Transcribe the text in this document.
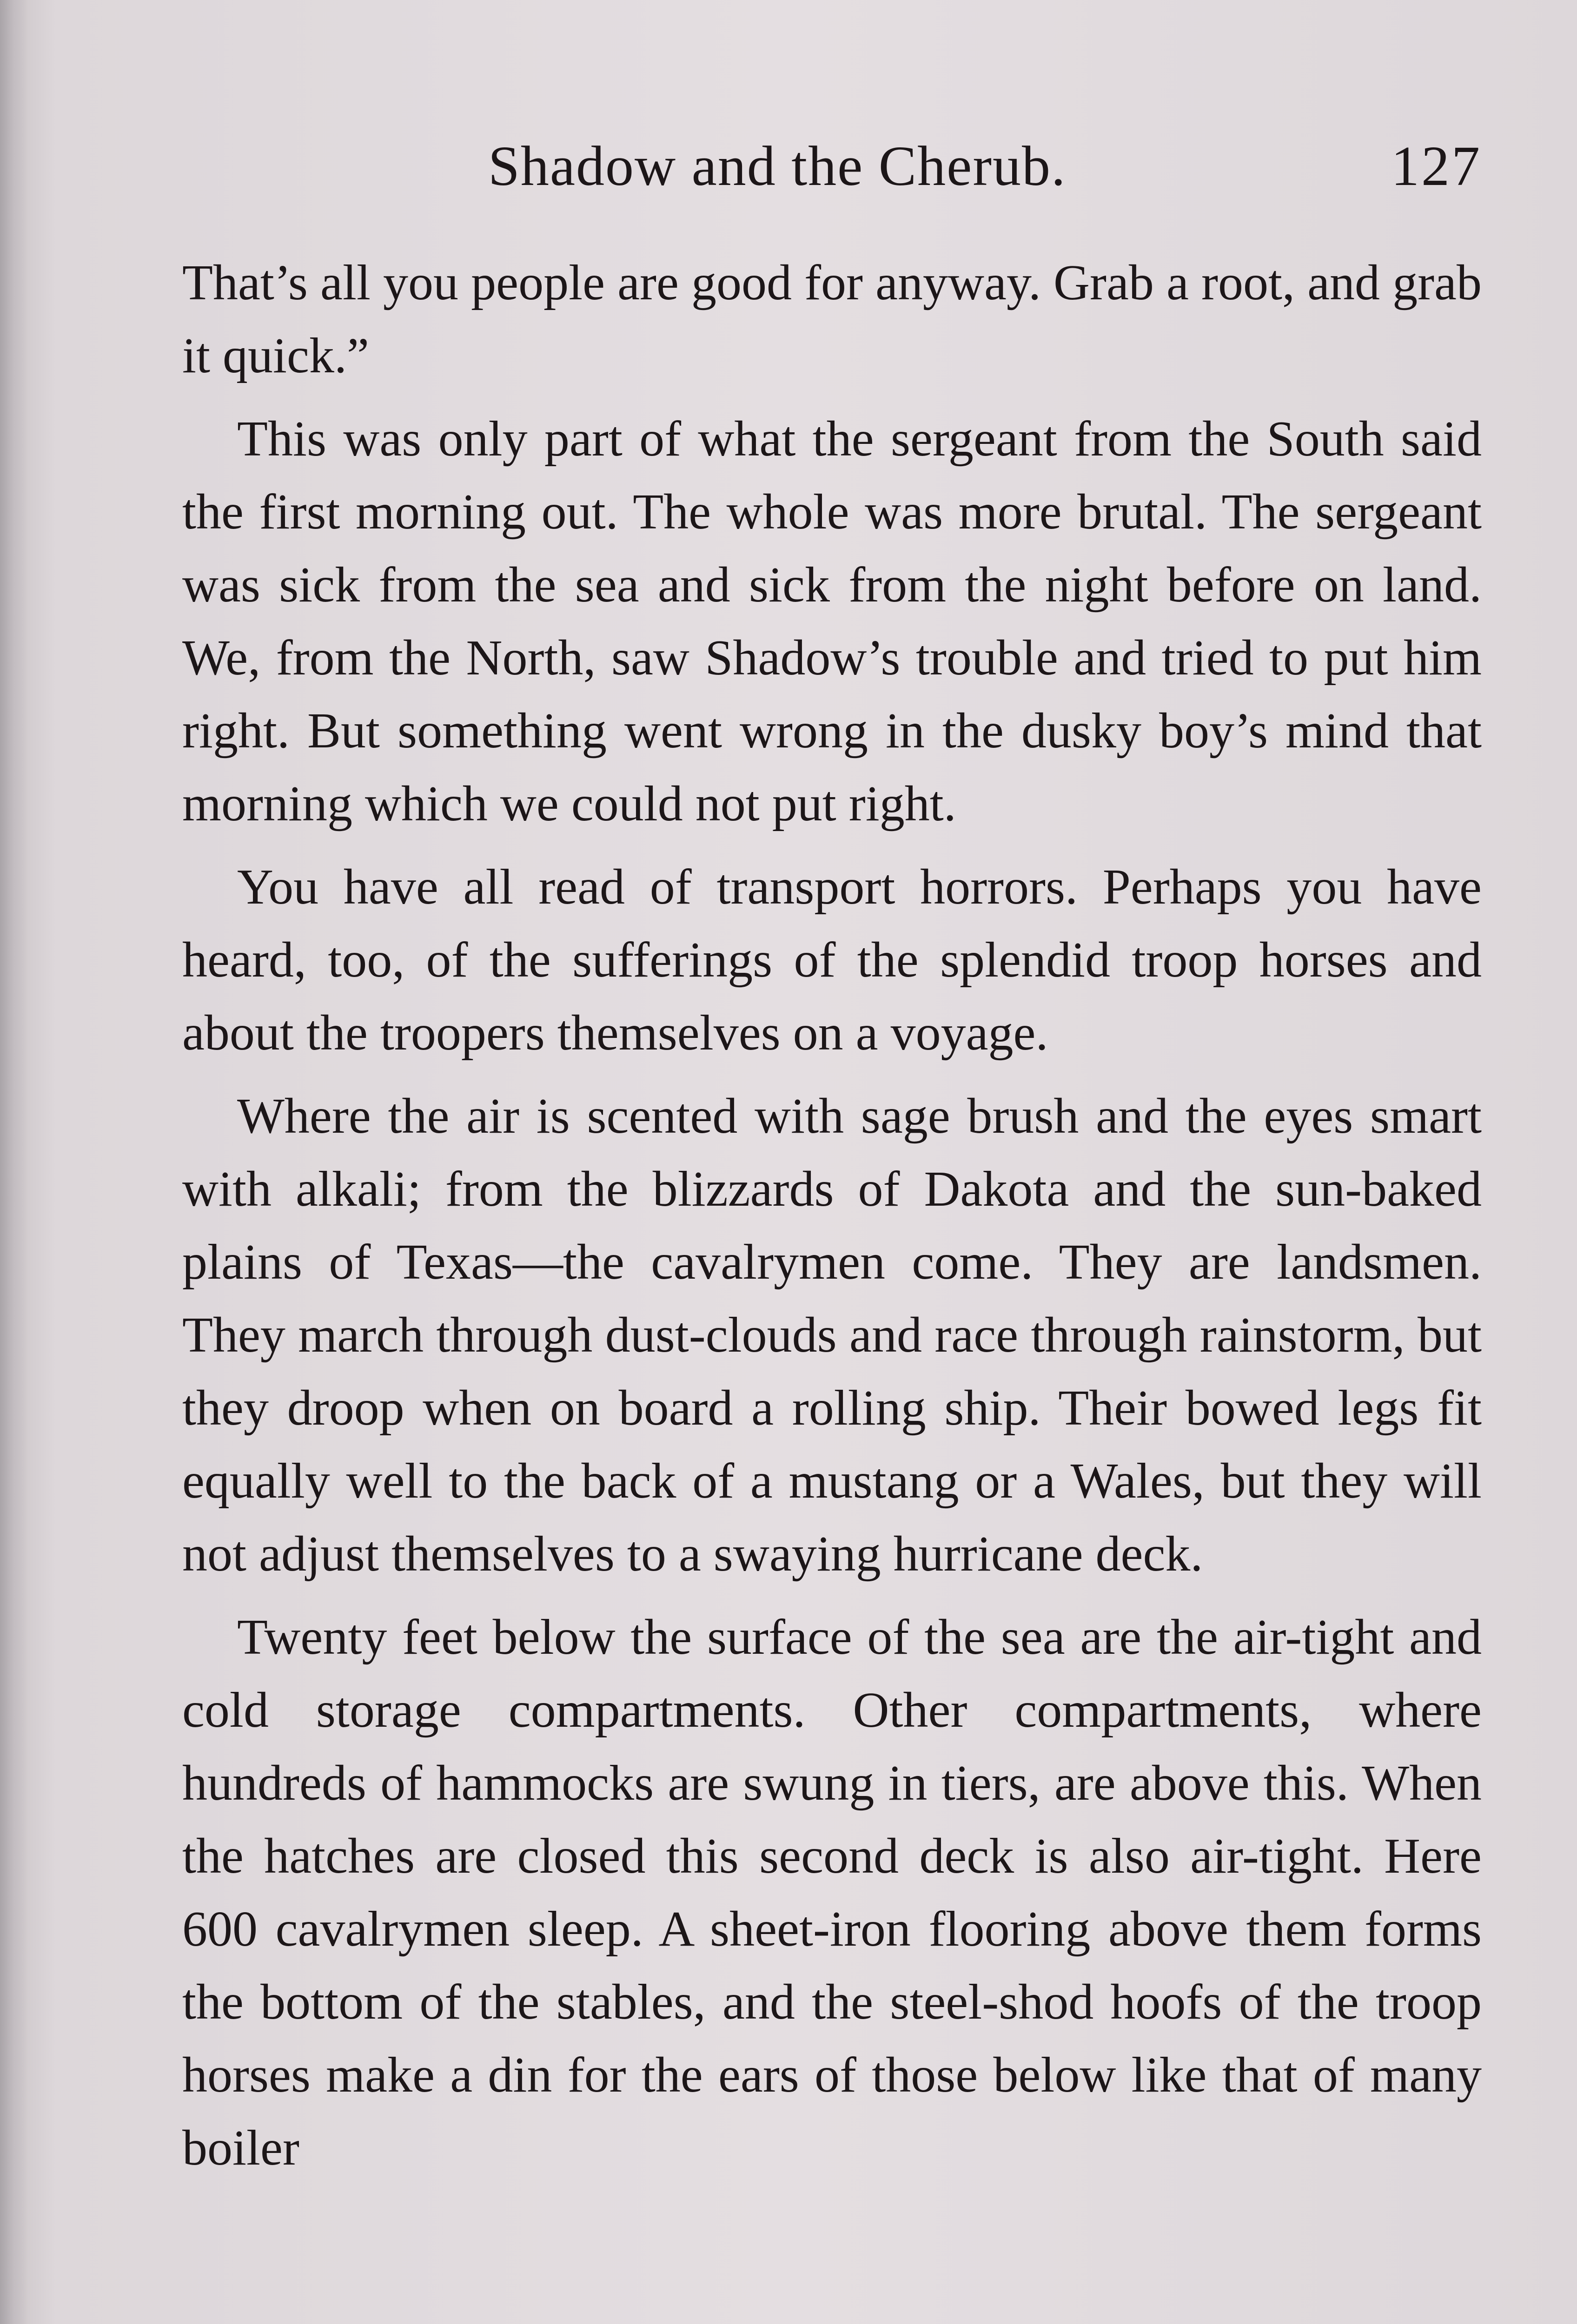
Shadow and the Cherub.	127

That’s all you people are good for anyway. Grab a root, and grab it quick.”

This was only part of what the sergeant from the South said the first morning out. The whole was more brutal. The sergeant was sick from the sea and sick from the night before on land. We, from the North, saw Shadow’s trouble and tried to put him right. But something went wrong in the dusky boy’s mind that morning which we could not put right.

You have all read of transport horrors. Perhaps you have heard, too, of the sufferings of the splendid troop horses and about the troopers themselves on a voyage.

Where the air is scented with sage brush and the eyes smart with alkali; from the blizzards of Dakota and the sun-baked plains of Texas—the cavalrymen come. They are landsmen. They march through dust-clouds and race through rainstorm, but they droop when on board a rolling ship. Their bowed legs fit equally well to the back of a mustang or a Wales, but they will not adjust themselves to a swaying hurricane deck.

Twenty feet below the surface of the sea are the air-tight and cold storage compartments. Other compartments, where hundreds of hammocks are swung in tiers, are above this. When the hatches are closed this second deck is also air-tight. Here 600 cavalrymen sleep. A sheet-iron flooring above them forms the bottom of the stables, and the steel-shod hoofs of the troop horses make a din for the ears of those below like that of many boiler
